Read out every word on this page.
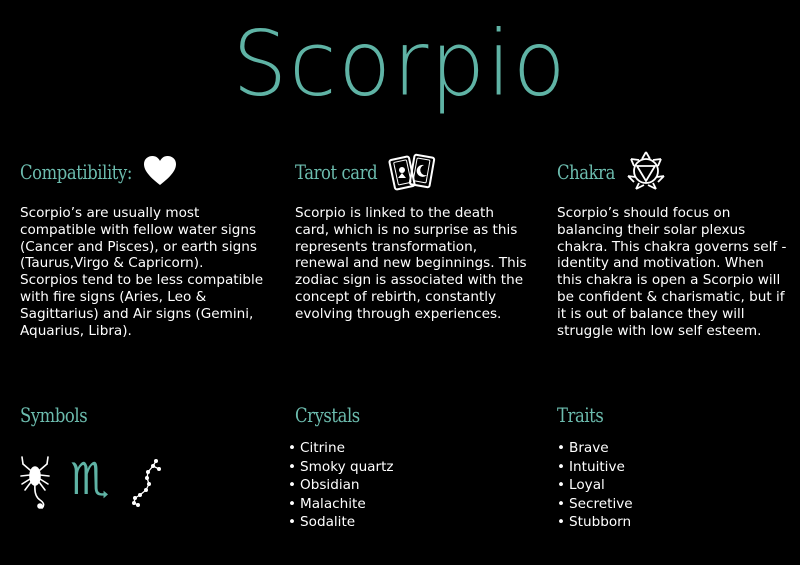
Scorpio
Compatibility:
Scorpio’s are usually most compatible with fellow water signs (Cancer and Pisces), or earth signs (Taurus,Virgo & Capricorn). Scorpios tend to be less compatible with fire signs (Aries, Leo & Sagittarius) and Air signs (Gemini, Aquarius, Libra).
Tarot card
Scorpio is linked to the death card, which is no surprise as this represents transformation, renewal and new beginnings. This zodiac sign is associated with the concept of rebirth, constantly evolving through experiences.
Chakra
Scorpio’s should focus on balancing their solar plexus chakra. This chakra governs self - identity and motivation. When this chakra is open a Scorpio will be confident & charismatic, but if it is out of balance they will struggle with low self esteem.
Symbols
♏
Crystals
• Citrine
• Smoky quartz
• Obsidian
• Malachite
• Sodalite
Traits
• Brave
• Intuitive
• Loyal
• Secretive
• Stubborn
